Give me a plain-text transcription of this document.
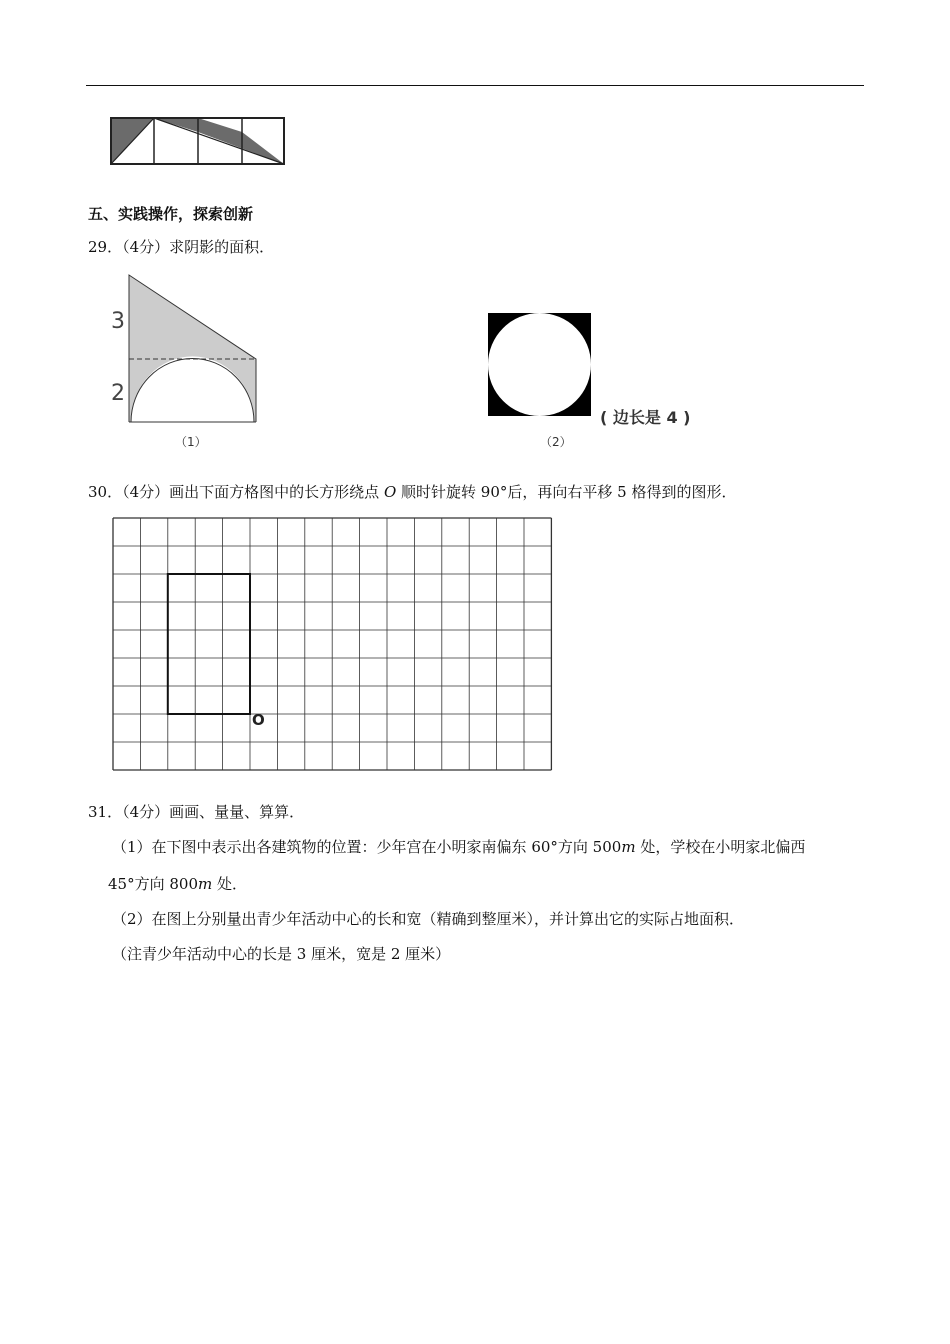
五、实践操作，探索创新
29．（4分）求阴影的面积．
3
2
（1）	（2）
( 边长是 4 )
30．（4分）画出下面方格图中的长方形绕点 O 顺时针旋转 90°后，再向右平移 5 格得到的图形．
O
31．（4分）画画、量量、算算．
（1）在下图中表示出各建筑物的位置：少年宫在小明家南偏东 60°方向 500m 处，学校在小明家北偏西
45°方向 800m 处．
（2）在图上分别量出青少年活动中心的长和宽（精确到整厘米），并计算出它的实际占地面积．
（注青少年活动中心的长是 3 厘米，宽是 2 厘米）
